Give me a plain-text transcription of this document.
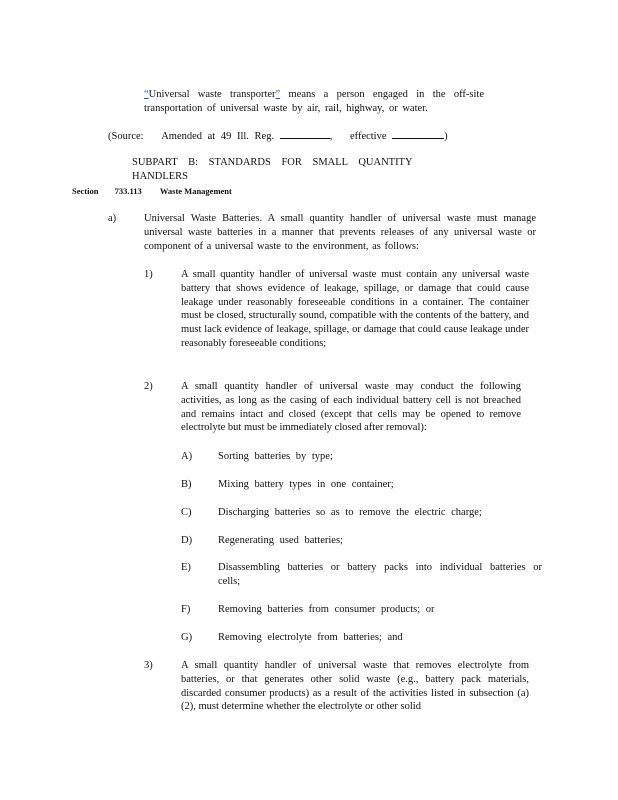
“Universal waste transporter” means a person engaged in the off-site transportation of universal waste by air, rail, highway, or water.

(Source: Amended at 49 Ill. Reg.	, effective	)
SUBPART B: STANDARDS FOR SMALL QUANTITY HANDLERS
Section 733.113 Waste Management
a)	Universal Waste Batteries. A small quantity handler of universal waste must manage universal waste batteries in a manner that prevents releases of any universal waste or component of a universal waste to the environment, as follows:

1)	A small quantity handler of universal waste must contain any universal waste battery that shows evidence of leakage, spillage, or damage that could cause leakage under reasonably foreseeable conditions in a container. The container must be closed, structurally sound, compatible with the contents of the battery, and must lack evidence of leakage, spillage, or damage that could cause leakage under reasonably foreseeable conditions;

2)	A small quantity handler of universal waste may conduct the following activities, as long as the casing of each individual battery cell is not breached and remains intact and closed (except that cells may be opened to remove electrolyte but must be immediately closed after removal):

A) Sorting batteries by type;
B)	Mixing battery types in one container;
C)	Discharging batteries so as to remove the electric charge;
D) Regenerating used batteries;
E)	Disassembling batteries or battery packs into individual batteries or cells;

F)	Removing batteries from consumer products; or
G) Removing electrolyte from batteries; and
3)	A small quantity handler of universal waste that removes electrolyte from batteries, or that generates other solid waste (e.g., battery pack materials, discarded consumer products) as a result of the activities listed in subsection (a)(2), must determine whether the electrolyte or other solid
